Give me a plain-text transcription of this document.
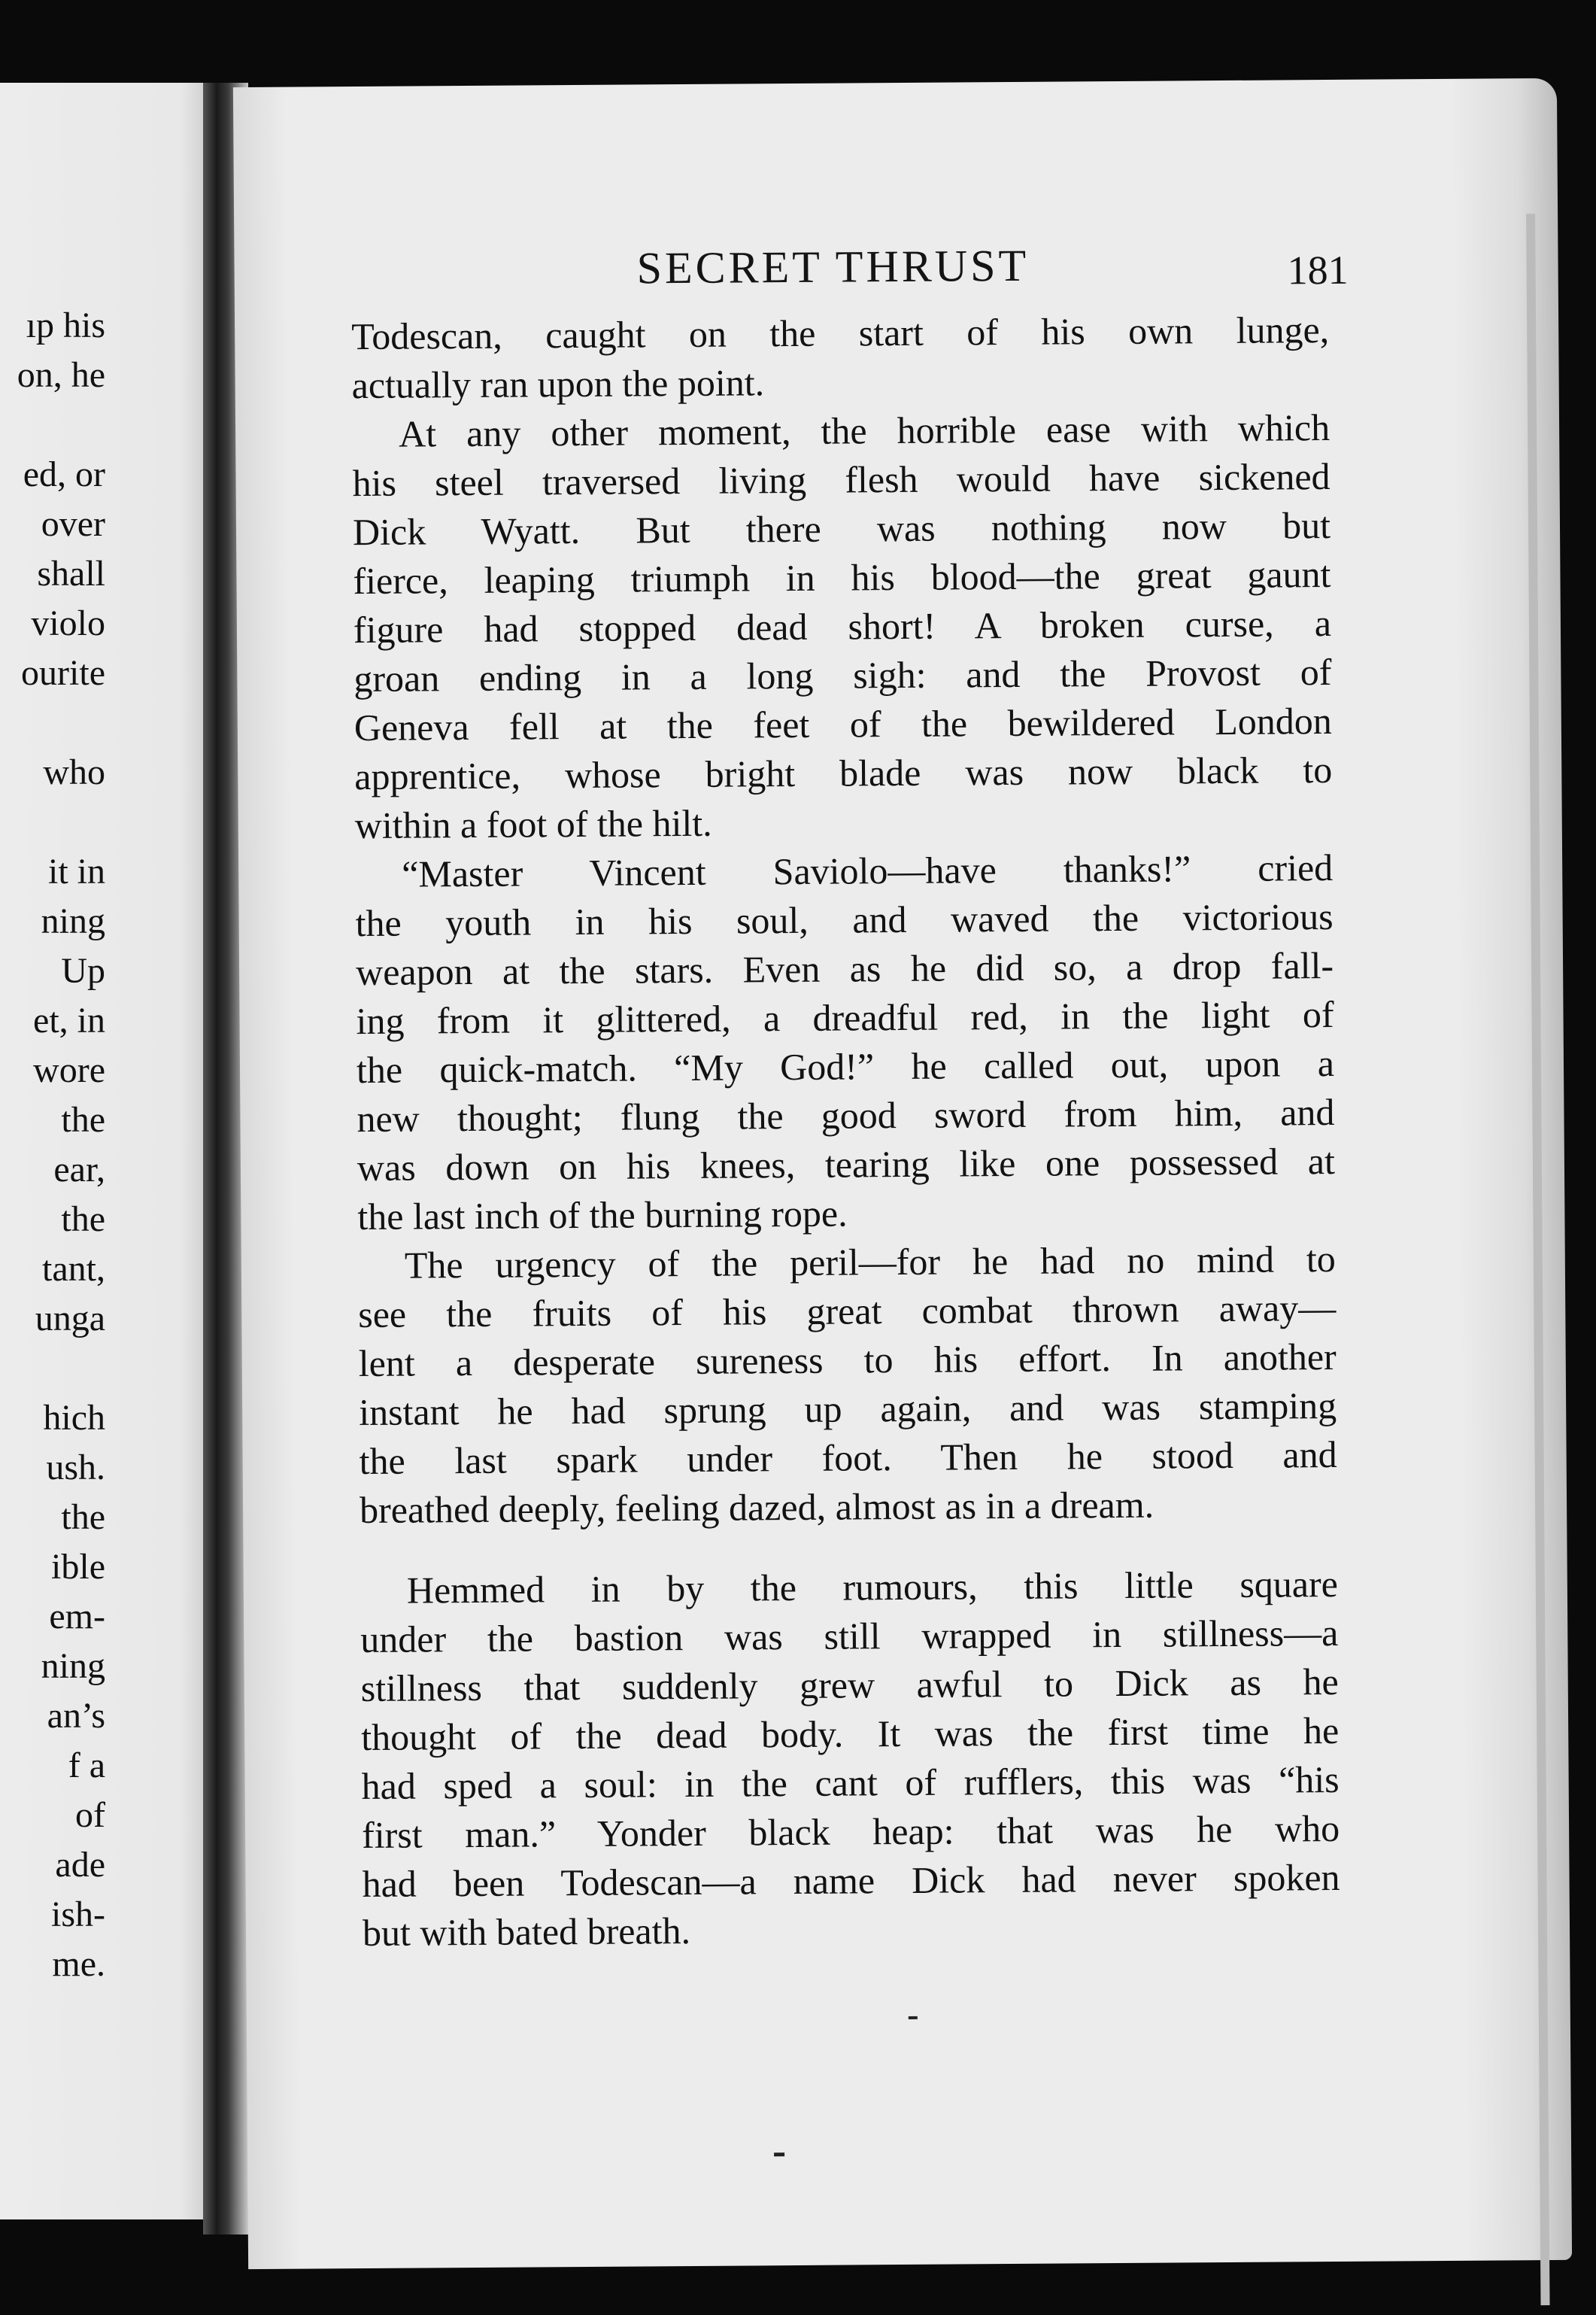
ıp his
on, he
ed, or
over
shall
violo
ourite
who
it in
ning
Up
et, in
wore
the
ear,
the
tant,
unga
hich
ush.
the
ible
em-
ning
an’s
f a
of
ade
ish-
me.
SECRET THRUST	181
Todescan, caught on the start of his own lunge,
actually ran upon the point.
At any other moment, the horrible ease with which
his steel traversed living flesh would have sickened
Dick Wyatt. But there was nothing now but
fierce, leaping triumph in his blood—the great gaunt
figure had stopped dead short! A broken curse, a
groan ending in a long sigh: and the Provost of
Geneva fell at the feet of the bewildered London
apprentice, whose bright blade was now black to
within a foot of the hilt.
“Master Vincent Saviolo—have thanks!” cried
the youth in his soul, and waved the victorious
weapon at the stars. Even as he did so, a drop fall-
ing from it glittered, a dreadful red, in the light of
the quick-match. “My God!” he called out, upon a
new thought; flung the good sword from him, and
was down on his knees, tearing like one possessed at
the last inch of the burning rope.
The urgency of the peril—for he had no mind to
see the fruits of his great combat thrown away—
lent a desperate sureness to his effort. In another
instant he had sprung up again, and was stamping
the last spark under foot. Then he stood and
breathed deeply, feeling dazed, almost as in a dream.
Hemmed in by the rumours, this little square
under the bastion was still wrapped in stillness—a
stillness that suddenly grew awful to Dick as he
thought of the dead body. It was the first time he
had sped a soul: in the cant of rufflers, this was “his
first man.” Yonder black heap: that was he who
had been Todescan—a name Dick had never spoken
but with bated breath.
